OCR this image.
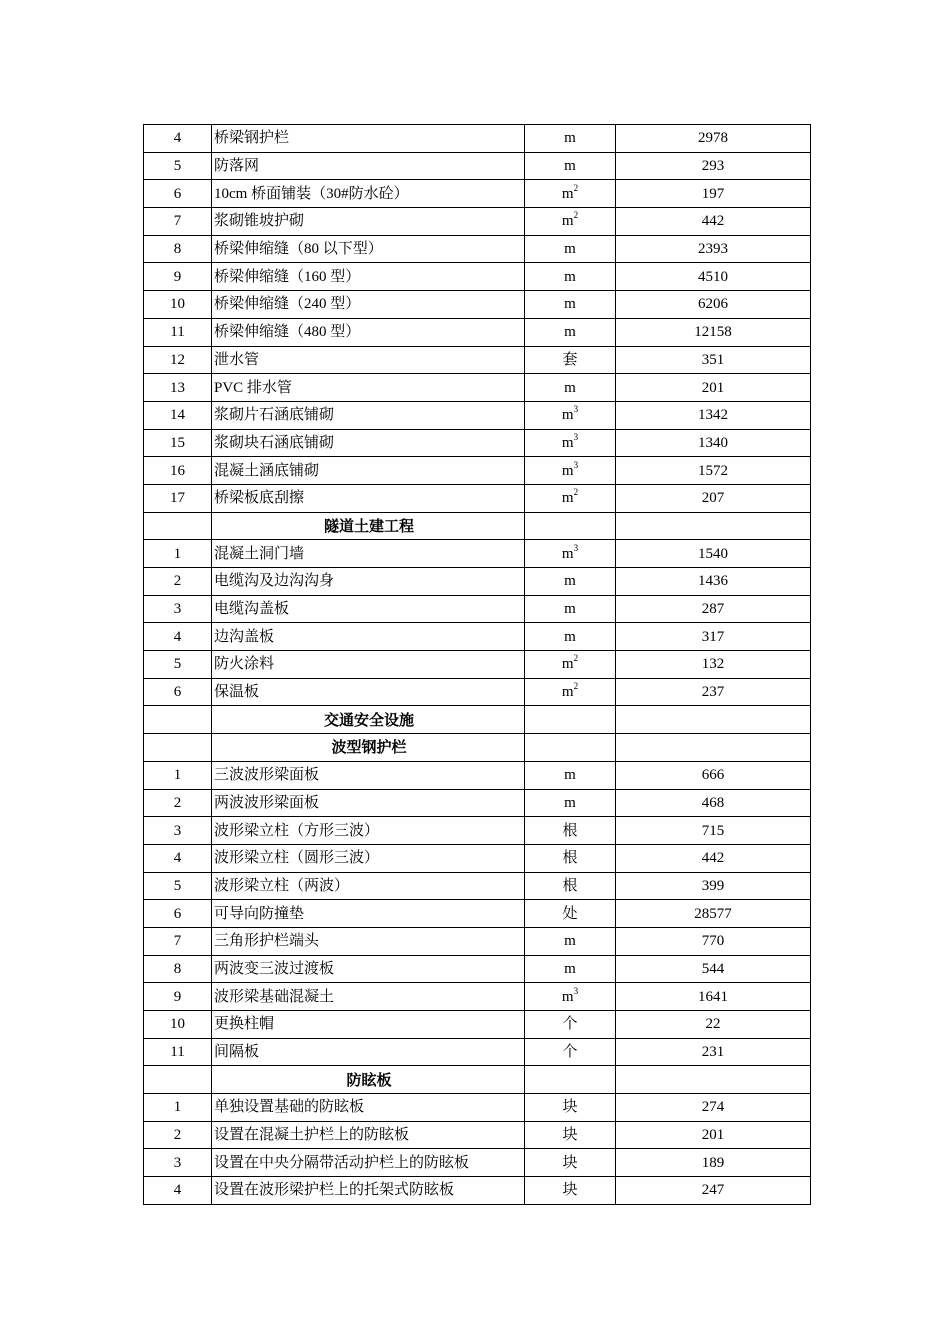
4	桥梁钢护栏	m	2978
5	防落网	m	293
6	10cm 桥面铺装（30#防水砼）	$m^2$	197
7	浆砌锥坡护砌	$m^2$	442
8	桥梁伸缩缝（80 以下型）	m	2393
9	桥梁伸缩缝（160 型）	m	4510
10	桥梁伸缩缝（240 型）	m	6206
11	桥梁伸缩缝（480 型）	m	12158
12	泄水管	套	351
13	PVC 排水管	m	201
14	浆砌片石涵底铺砌	$m^3$	1342
15	浆砌块石涵底铺砌	$m^3$	1340
16	混凝土涵底铺砌	$m^3$	1572
17	桥梁板底刮擦	$m^2$	207
	隧道土建工程		
1	混凝土洞门墙	$m^3$	1540
2	电缆沟及边沟沟身	m	1436
3	电缆沟盖板	m	287
4	边沟盖板	m	317
5	防火涂料	$m^2$	132
6	保温板	$m^2$	237
	交通安全设施		
	波型钢护栏		
1	三波波形梁面板	m	666
2	两波波形梁面板	m	468
3	波形梁立柱（方形三波）	根	715
4	波形梁立柱（圆形三波）	根	442
5	波形梁立柱（两波）	根	399
6	可导向防撞垫	处	28577
7	三角形护栏端头	m	770
8	两波变三波过渡板	m	544
9	波形梁基础混凝土	$m^3$	1641
10	更换柱帽	个	22
11	间隔板	个	231
	防眩板		
1	单独设置基础的防眩板	块	274
2	设置在混凝土护栏上的防眩板	块	201
3	设置在中央分隔带活动护栏上的防眩板	块	189
4	设置在波形梁护栏上的托架式防眩板	块	247
